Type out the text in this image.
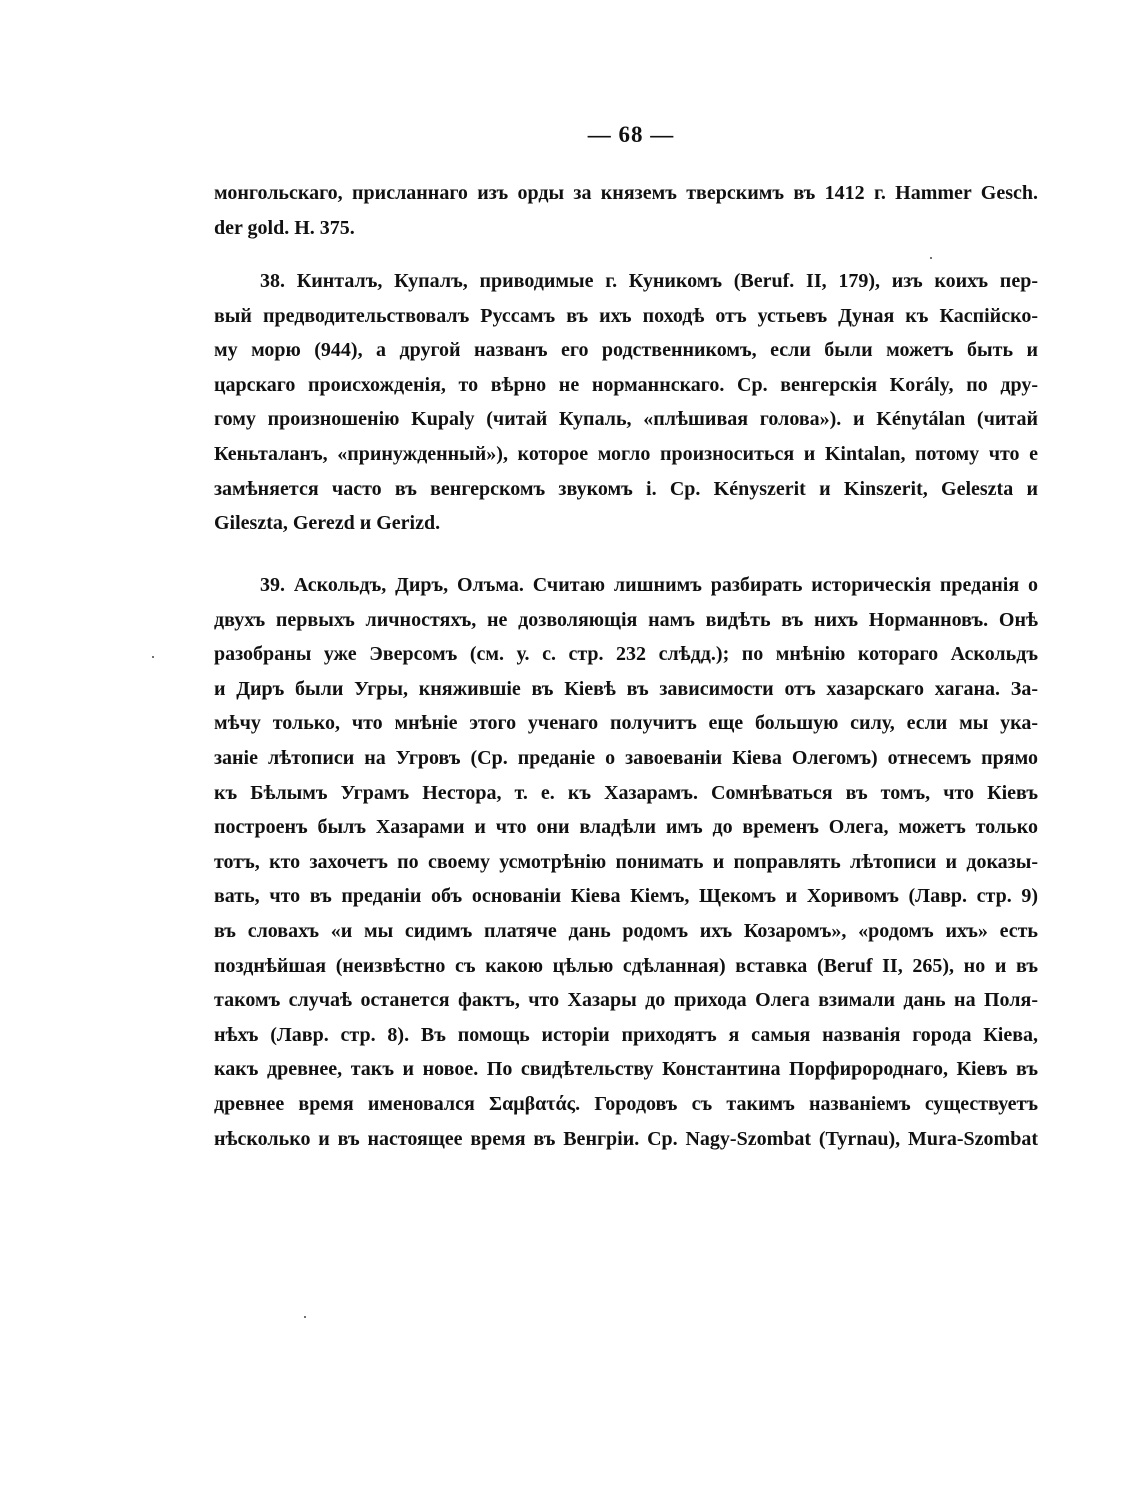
— 68 —
монгольскаго, присланнаго изъ орды за княземъ тверскимъ въ 1412 г. Hammer Gesch.
der gold. H. 375.
38. Кинталъ, Купалъ, приводимые г. Куникомъ (Beruf. II, 179), изъ коихъ пер-
вый предводительствовалъ Руссамъ въ ихъ походѣ отъ устьевъ Дуная къ Каспійско-
му морю (944), а другой названъ его родственникомъ, если были можетъ быть и
царскаго происхожденія, то вѣрно не норманнскаго. Ср. венгерскія Korály, по дру-
гому произношенію Kupaly (читай Купаль, «плѣшивая голова»). и Kénytálan (читай
Кеньталанъ, «принужденный»), которое могло произноситься и Kintalan, потому что e
замѣняется часто въ венгерскомъ звукомъ i. Ср. Kényszerit и Kinszerit, Geleszta и
Gileszta, Gerezd и Gerizd.
39. Аскольдъ, Диръ, Олъма. Считаю лишнимъ разбирать историческія преданія о
двухъ первыхъ личностяхъ, не дозволяющія намъ видѣть въ нихъ Норманновъ. Онѣ
разобраны уже Эверсомъ (см. у. с. стр. 232 слѣдд.); по мнѣнію котораго Аскольдъ
и Диръ были Угры, княжившіе въ Кіевѣ въ зависимости отъ хазарскаго хагана. За-
мѣчу только, что мнѣніе этого ученаго получитъ еще большую силу, если мы ука-
заніе лѣтописи на Угровъ (Ср. преданіе о завоеваніи Кіева Олегомъ) отнесемъ прямо
къ Бѣлымъ Уграмъ Нестора, т. е. къ Хазарамъ. Сомнѣваться въ томъ, что Кіевъ
построенъ былъ Хазарами и что они владѣли имъ до временъ Олега, можетъ только
тотъ, кто захочетъ по своему усмотрѣнію понимать и поправлять лѣтописи и доказы-
вать, что въ преданіи объ основаніи Кіева Кіемъ, Щекомъ и Хоривомъ (Лавр. стр. 9)
въ словахъ «и мы сидимъ платяче дань родомъ ихъ Козаромъ», «родомъ ихъ» есть
позднѣйшая (неизвѣстно съ какою цѣлью сдѣланная) вставка (Beruf II, 265), но и въ
такомъ случаѣ останется фактъ, что Хазары до прихода Олега взимали дань на Поля-
нѣхъ (Лавр. стр. 8). Въ помощь исторіи приходятъ я самыя названія города Кіева,
какъ древнее, такъ и новое. По свидѣтельству Константина Порфиророднаго, Кіевъ въ
древнее время именовался Σαμβατάς. Городовъ съ такимъ названіемъ существуетъ
нѣсколько и въ настоящее время въ Венгріи. Ср. Nagy-Szombat (Tyrnau), Mura-Szombat
